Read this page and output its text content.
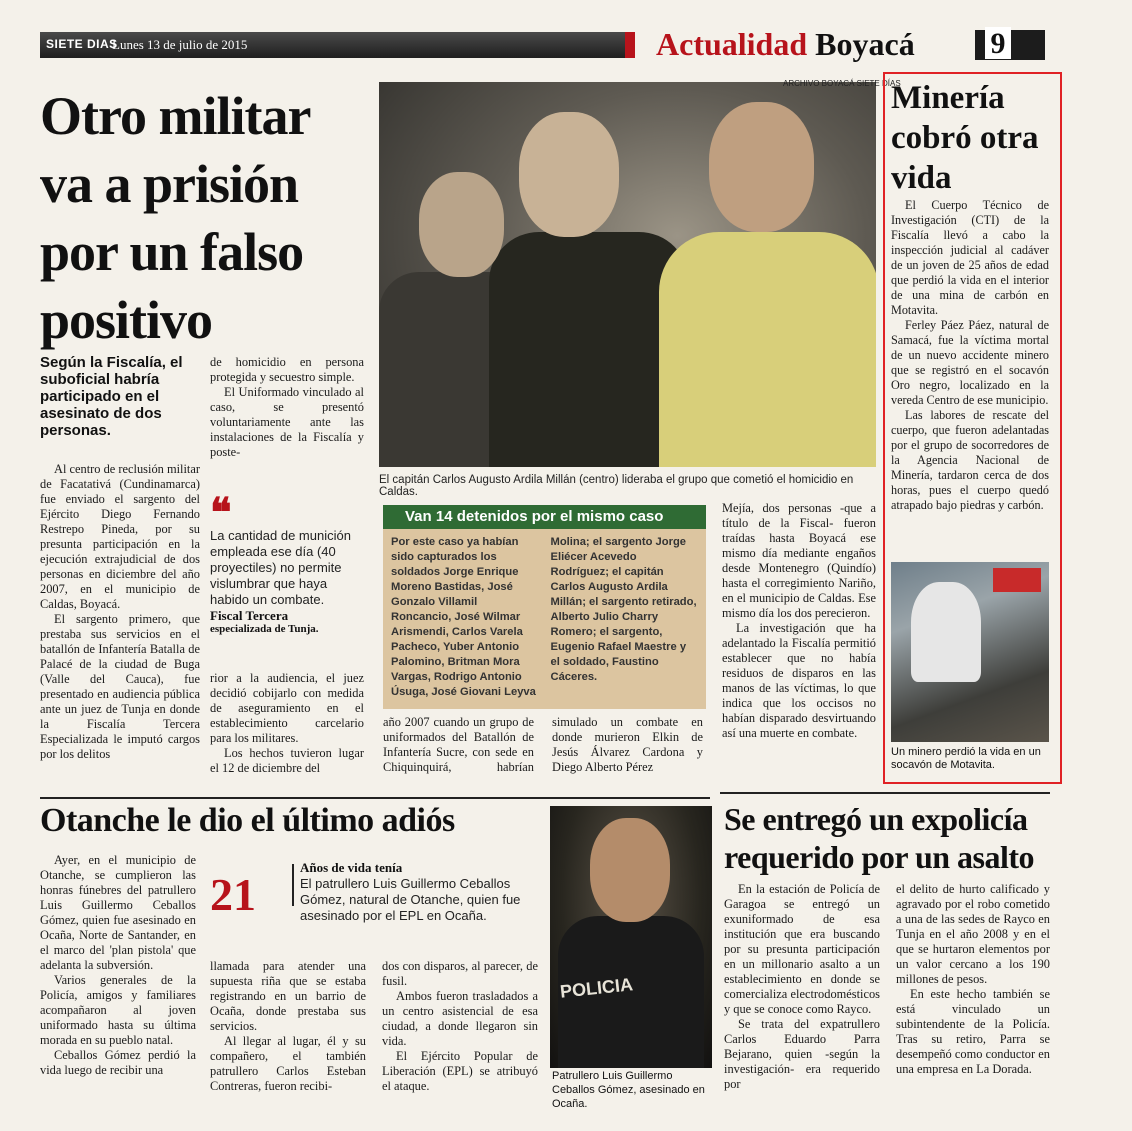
SIETE DIAS
Lunes 13 de julio de 2015	Actualidad Boyacá	9
Otro militar va a prisión por un falso positivo
Según la Fiscalía, el suboficial habría participado en el asesinato de dos personas.
ARCHIVO BOYACÁ SIETE DÍAS
El capitán Carlos Augusto Ardila Millán (centro) lideraba el grupo que cometió el homicidio en Caldas.

Al centro de reclusión militar de Facatativá (Cundinamarca) fue enviado el sargento del Ejército Diego Fernando Restrepo Pineda, por su presunta participación en la ejecución extrajudicial de dos personas en diciembre del año 2007, en el municipio de Caldas, Boyacá.

El sargento primero, que prestaba sus servicios en el batallón de Infantería Batalla de Palacé de la ciudad de Buga (Valle del Cauca), fue presentado en audiencia pública ante un juez de Tunja en donde la Fiscalía Tercera Especializada le imputó cargos por los delitos

de homicidio en persona protegida y secuestro simple.

El Uniformado vinculado al caso, se presentó voluntariamente ante las instalaciones de la Fiscalía y poste-

❝
La cantidad de munición empleada ese día (40 proyectiles) no permite vislumbrar que haya habido un combate.
Fiscal Tercera
especializada de Tunja.

rior a la audiencia, el juez decidió cobijarlo con medida de aseguramiento en el establecimiento carcelario para los militares.

Los hechos tuvieron lugar el 12 de diciembre del

Van 14 detenidos por el mismo caso
Por este caso ya habían sido capturados los soldados Jorge Enrique Moreno Bastidas, José Gonzalo Villamil Roncancio, José Wilmar Arismendi, Carlos Varela Pacheco, Yuber Antonio Palomino, Britman Mora Vargas, Rodrigo Antonio Úsuga, José Giovani Leyva Molina; el sargento Jorge Eliécer Acevedo Rodríguez; el capitán Carlos Augusto Ardila Millán; el sargento retirado, Alberto Julio Charry Romero; el sargento, Eugenio Rafael Maestre y el soldado, Faustino Cáceres.

año 2007 cuando un grupo de uniformados del Batallón de Infantería Sucre, con sede en Chiquinquirá, habrían simulado un combate en donde murieron Elkin de Jesús Álvarez Cardona y Diego Alberto Pérez

Mejía, dos personas -que a título de la Fiscal- fueron traídas hasta Boyacá ese mismo día mediante engaños desde Montenegro (Quindío) hasta el corregimiento Nariño, en el municipio de Caldas. Ese mismo día los dos perecieron.

La investigación que ha adelantado la Fiscalía permitió establecer que no había residuos de disparos en las manos de las víctimas, lo que indica que los occisos no habían disparado desvirtuando así una muerte en combate.

Minería cobró otra vida

El Cuerpo Técnico de Investigación (CTI) de la Fiscalía llevó a cabo la inspección judicial al cadáver de un joven de 25 años de edad que perdió la vida en el interior de una mina de carbón en Motavita.

Ferley Páez Páez, natural de Samacá, fue la víctima mortal de un nuevo accidente minero que se registró en el socavón Oro negro, localizado en la vereda Centro de ese municipio.

Las labores de rescate del cuerpo, que fueron adelantadas por el grupo de socorredores de la Agencia Nacional de Minería, tardaron cerca de dos horas, pues el cuerpo quedó atrapado bajo piedras y carbón.

Un minero perdió la vida en un socavón de Motavita.
Otanche le dio el último adiós

Ayer, en el municipio de Otanche, se cumplieron las honras fúnebres del patrullero Luis Guillermo Ceballos Gómez, quien fue asesinado en Ocaña, Norte de Santander, en el marco del 'plan pistola' que adelanta la subversión.

Varios generales de la Policía, amigos y familiares acompañaron al joven uniformado hasta su última morada en su pueblo natal.

Ceballos Gómez perdió la vida luego de recibir una

21
Años de vida tenía
El patrullero Luis Guillermo Ceballos Gómez, natural de Otanche, quien fue asesinado por el EPL en Ocaña.

llamada para atender una supuesta riña que se estaba registrando en un barrio de Ocaña, donde prestaba sus servicios.

Al llegar al lugar, él y su compañero, el también patrullero Carlos Esteban Contreras, fueron recibi-

dos con disparos, al parecer, de fusil.

Ambos fueron trasladados a un centro asistencial de esa ciudad, a donde llegaron sin vida.

El Ejército Popular de Liberación (EPL) se atribuyó el ataque.

POLICIA
Patrullero Luis Guillermo Ceballos Gómez, asesinado en Ocaña.
Se entregó un expolicía requerido por un asalto

En la estación de Policía de Garagoa se entregó un exuniformado de esa institución que era buscando por su presunta participación en un millonario asalto a un establecimiento en donde se comercializa electrodomésticos y que se conoce como Rayco.

Se trata del expatrullero Carlos Eduardo Parra Bejarano, quien -según la investigación- era requerido por

el delito de hurto calificado y agravado por el robo cometido a una de las sedes de Rayco en Tunja en el año 2008 y en el que se hurtaron elementos por un valor cercano a los 190 millones de pesos.

En este hecho también se está vinculado un subintendente de la Policía. Tras su retiro, Parra se desempeñó como conductor en una empresa en La Dorada.
